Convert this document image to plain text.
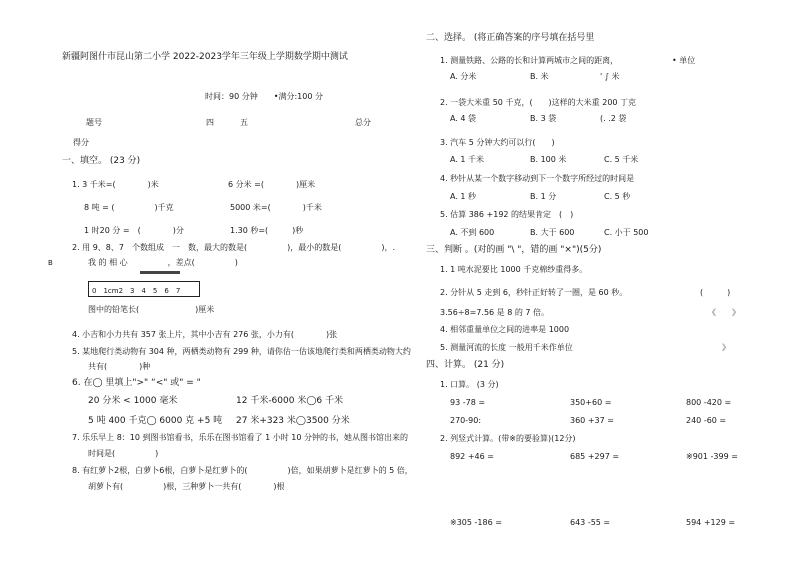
新疆阿图什市昆山第二小学 2022-2023学年三年级上学期数学期中测试
时间：90 分钟　　•满分:100 分
题号	四	五	总分
得分
一、填空。 (23 分)
1. 3 千米=(　　　　)米	6 分米 =(　　　　)厘米
8 吨 = (　　　　　)千克	5000 米=(　　　　)千米
1 时20 分 =　(　　　　)分	1.30 秒=(　　　)秒
2. 用 9、8、7　个数组成　一　数，最大的数是(　　　　　)，最小的数是(　　　　　)，.
B	我 的 相 心　　　　　，差点(　　　　　)
0　1cm2　3　4　5　6　7
图中的铅笔长(　　　　　　　)厘米
4. 小吉和小力共有 357 张上片，其中小吉有 276 张，小力有(　　　　)张
5. 某地爬行类动物有 304 种，两栖类动物有 299 种，请你估一估该地爬行类和两栖类动物大约
共有(　　　　)种
6. 在◯ 里填上">" “<" 或" = "
20 分米 < 1000 毫米	12 千米-6000 米◯6 千米
5 吨 400 千克◯ 6000 克 +5 吨 27 米+323 米◯3500 分米
7. 乐乐早上 8：10 到图书馆看书，乐乐在图书馆看了 1 小时 10 分钟的书，她从图书馆出来的
时间是(　　　　　)
8. 有红萝卜2根，白萝卜6根，白萝卜是红萝卜的(　　　　　)倍，如果胡萝卜是红萝卜的 5 倍，
胡萝卜有(　　　　　)根，三种萝卜一共有(　　　　)根
二、选择。 (将正确答案的序号填在括号里
1. 测量铁路、公路的长和计算两城市之间的距离，	• 单位
A. 分米	B. 米	' ∫ 米
2. 一袋大米重 50 千克，(　　)这样的大米重 200 丁克
A. 4 袋	B. 3 袋	(. .2 袋
3. 汽车 5 分钟大约可以行(　　)
A. 1 千米	B. 100 米	C. 5 千米
4. 秒针从某一个数字移动到下一个数字所经过的时间是
A. 1 秒	B. 1 分	C. 5 秒
5. 估算 386 +192 的结果肯定　(　)
A. 不到 600	B. 大于 600	C. 小于 500
三、判断 。(对的画 "\ "，错的画 "×")(5分)
1. 1 吨水泥要比 1000 千克棉纱重得多。
2. 分针从 5 走到 6，秒针正好转了一圈，是 60 秒。	(　　　)
3.56÷8=7.56 是 8 的 7 倍。	《　　》
4. 相邻重量单位之间的进率是 1000
5. 测量河流的长度 一般用千米作单位	》
四、计算。 (21 分)
1. 口算。 (3 分)
93 -78 =	350+60 =	800 -420 =
270-90:	360 +37 =	240 -60 =
2. 列竖式计算。(带※的要验算)(12分)
892 +46 =	685 +297 =	※901 -399 =
※305 -186 =	643 -55 =	594 +129 =
